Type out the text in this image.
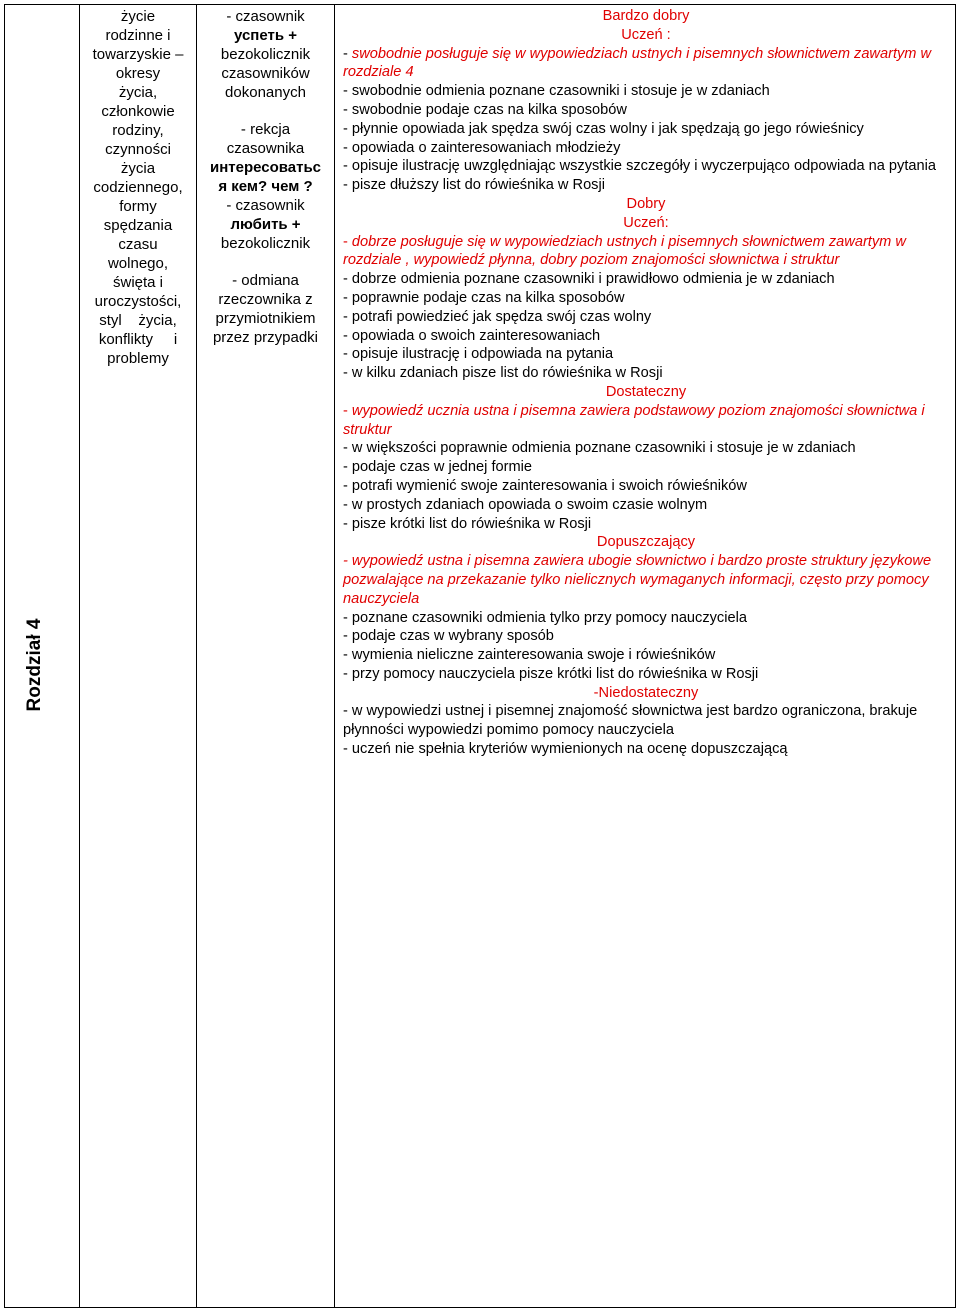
Rozdział 4
życie
rodzinne i
towarzyskie –
okresy
życia,
członkowie
rodziny,
czynności
życia
codziennego,
formy
spędzania
czasu
wolnego,
święta i
uroczystości,
styl    życia,
konflikty     i
problemy
- czasownik
успеть +
bezokolicznik
czasowników
dokonanych
- rekcja
czasownika
интересоватьс
я кем? чем ?
- czasownik
любить +
bezokolicznik
- odmiana
rzeczownika z
przymiotnikiem
przez przypadki
Bardzo dobry
Uczeń :
- swobodnie posługuje się w wypowiedziach ustnych i pisemnych słownictwem zawartym w rozdziale 4
- swobodnie odmienia poznane czasowniki i stosuje je w zdaniach
- swobodnie podaje czas na kilka sposobów
- płynnie opowiada jak spędza swój czas wolny i jak spędzają go jego rówieśnicy
- opowiada o zainteresowaniach młodzieży
- opisuje ilustrację uwzględniając wszystkie szczegóły i wyczerpująco odpowiada na pytania
- pisze dłuższy list do rówieśnika w Rosji
Dobry
Uczeń:
- dobrze posługuje się w wypowiedziach ustnych i pisemnych słownictwem zawartym w rozdziale , wypowiedź płynna, dobry poziom znajomości słownictwa i struktur
- dobrze odmienia poznane czasowniki i prawidłowo odmienia je w zdaniach
- poprawnie podaje czas na kilka sposobów
- potrafi powiedzieć jak spędza swój czas wolny
- opowiada o swoich zainteresowaniach
- opisuje ilustrację i odpowiada na pytania
- w kilku zdaniach pisze list do rówieśnika w Rosji
Dostateczny
- wypowiedź ucznia ustna i pisemna zawiera podstawowy poziom znajomości słownictwa i struktur
- w większości poprawnie odmienia poznane czasowniki i stosuje je w zdaniach
- podaje czas w jednej formie
- potrafi wymienić swoje zainteresowania i swoich rówieśników
- w prostych zdaniach opowiada o swoim czasie wolnym
- pisze krótki list do rówieśnika w Rosji
Dopuszczający
- wypowiedź ustna i pisemna zawiera ubogie słownictwo i bardzo proste struktury językowe pozwalające na przekazanie tylko nielicznych wymaganych informacji, często przy pomocy nauczyciela
- poznane czasowniki odmienia tylko przy pomocy nauczyciela
- podaje czas w wybrany sposób
- wymienia nieliczne zainteresowania swoje i rówieśników
- przy pomocy nauczyciela pisze krótki list do rówieśnika w Rosji
-Niedostateczny
- w wypowiedzi ustnej i pisemnej znajomość słownictwa jest bardzo ograniczona, brakuje płynności wypowiedzi pomimo pomocy nauczyciela
- uczeń nie spełnia kryteriów wymienionych na ocenę dopuszczającą
